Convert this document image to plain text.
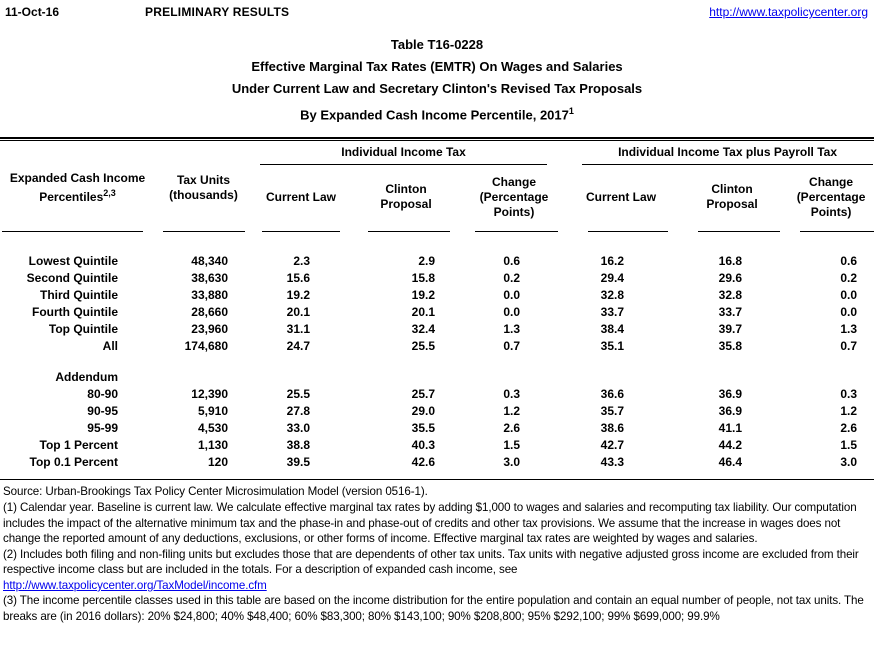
11-Oct-16	PRELIMINARY RESULTS	http://www.taxpolicycenter.org
Table T16-0228
Effective Marginal Tax Rates (EMTR) On Wages and Salaries
Under Current Law and Secretary Clinton's Revised Tax Proposals
By Expanded Cash Income Percentile, 2017$^1$
Expanded Cash Income
Percentiles$^{2,3}$

Tax Units
(thousands)

Individual Income Tax	Individual Income Tax plus Payroll Tax

Current Law

Clinton
Proposal

Change
(Percentage
Points)

Current Law

Clinton
Proposal

Change
(Percentage
Points)

Lowest Quintile	48,340	2.3	2.9	0.6	16.2	16.8	0.6
Second Quintile	38,630	15.6	15.8	0.2	29.4	29.6	0.2
Third Quintile	33,880	19.2	19.2	0.0	32.8	32.8	0.0
Fourth Quintile	28,660	20.1	20.1	0.0	33.7	33.7	0.0
Top Quintile	23,960	31.1	32.4	1.3	38.4	39.7	1.3
All	174,680	24.7	25.5	0.7	35.1	35.8	0.7

Addendum							
80-90	12,390	25.5	25.7	0.3	36.6	36.9	0.3
90-95	5,910	27.8	29.0	1.2	35.7	36.9	1.2
95-99	4,530	33.0	35.5	2.6	38.6	41.1	2.6
Top 1 Percent	1,130	38.8	40.3	1.5	42.7	44.2	1.5
Top 0.1 Percent	120	39.5	42.6	3.0	43.3	46.4	3.0
Source: Urban-Brookings Tax Policy Center Microsimulation Model (version 0516-1).
(1) Calendar year. Baseline is current law. We calculate effective marginal tax rates by adding $1,000 to wages and salaries and recomputing tax liability. Our computation includes the impact of the alternative minimum tax and the phase-in and phase-out of credits and other tax provisions. We assume that the increase in wages does not change the reported amount of any deductions, exclusions, or other forms of income. Effective marginal tax rates are weighted by wages and salaries.
(2) Includes both filing and non-filing units but excludes those that are dependents of other tax units. Tax units with negative adjusted gross income are excluded from their respective income class but are included in the totals. For a description of expanded cash income, see
http://www.taxpolicycenter.org/TaxModel/income.cfm
(3) The income percentile classes used in this table are based on the income distribution for the entire population and contain an equal number of people, not tax units. The breaks are (in 2016 dollars): 20% $24,800; 40% $48,400; 60% $83,300; 80% $143,100; 90% $208,800; 95% $292,100; 99% $699,000; 99.9%
